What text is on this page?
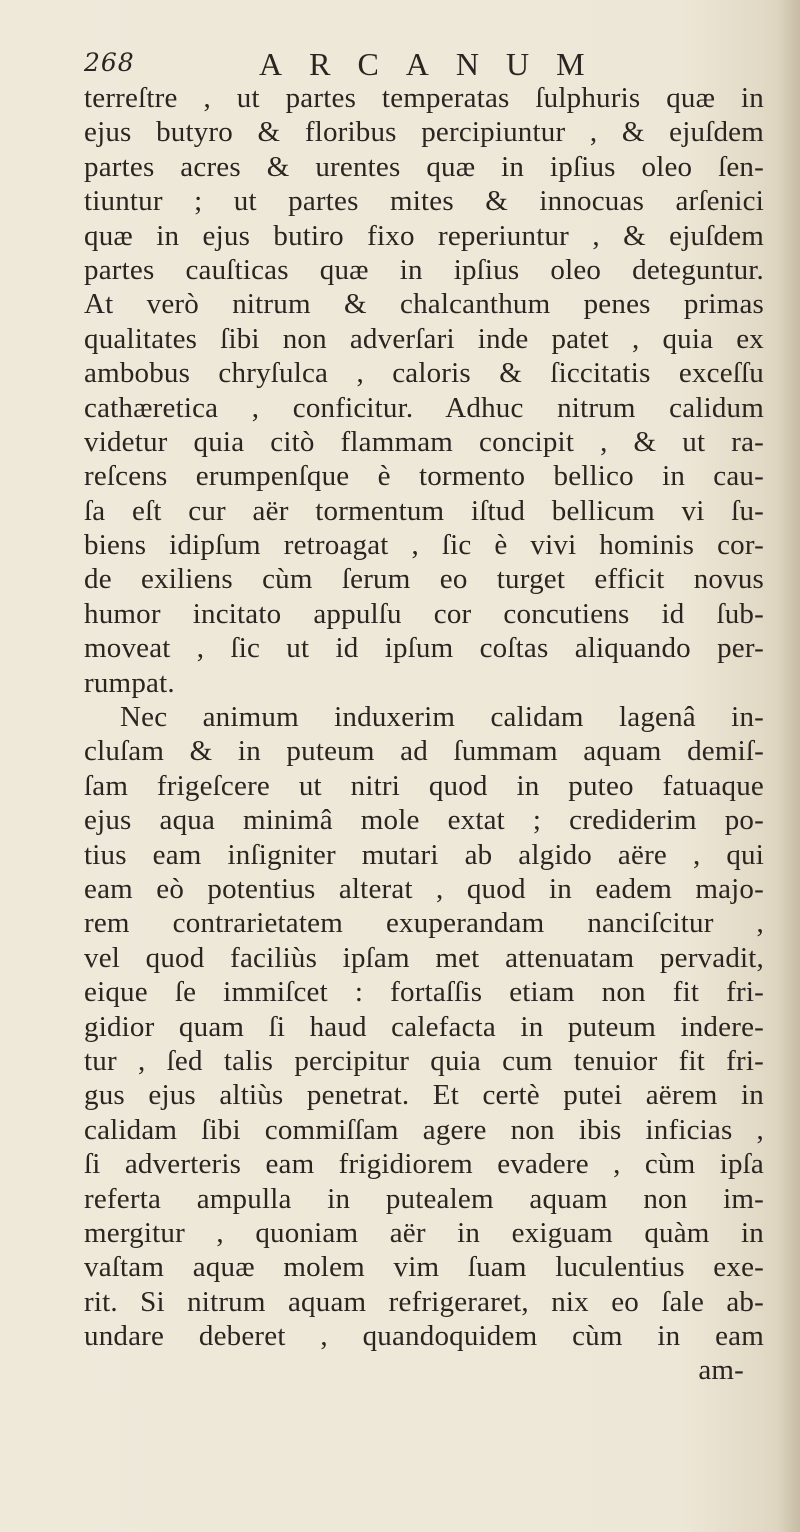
268	ARCANUM
terreſtre , ut partes temperatas ſulphuris quæ in
ejus butyro & floribus percipiuntur , & ejuſdem
partes acres & urentes quæ in ipſius oleo ſen-
tiuntur ; ut partes mites & innocuas arſenici
quæ in ejus butiro fixo reperiuntur , & ejuſdem
partes cauſticas quæ in ipſius oleo deteguntur.
At verò nitrum & chalcanthum penes primas
qualitates ſibi non adverſari inde patet , quia ex
ambobus chryſulca , caloris & ſiccitatis exceſſu
cathæretica , conficitur. Adhuc nitrum calidum
videtur quia citò flammam concipit , & ut ra-
reſcens erumpenſque è tormento bellico in cau-
ſa eſt cur aër tormentum iſtud bellicum vi ſu-
biens idipſum retroagat , ſic è vivi hominis cor-
de exiliens cùm ſerum eo turget efficit novus
humor incitato appulſu cor concutiens id ſub-
moveat , ſic ut id ipſum coſtas aliquando per-
rumpat.
Nec animum induxerim calidam lagenâ in-
cluſam & in puteum ad ſummam aquam demiſ-
ſam frigeſcere ut nitri quod in puteo fatuaque
ejus aqua minimâ mole extat ; crediderim po-
tius eam inſigniter mutari ab algido aëre , qui
eam eò potentius alterat , quod in eadem majo-
rem contrarietatem exuperandam nanciſcitur ,
vel quod faciliùs ipſam met attenuatam pervadit,
eique ſe immiſcet : fortaſſis etiam non fit fri-
gidior quam ſi haud calefacta in puteum indere-
tur , ſed talis percipitur quia cum tenuior fit fri-
gus ejus altiùs penetrat. Et certè putei aërem in
calidam ſibi commiſſam agere non ibis inficias ,
ſi adverteris eam frigidiorem evadere , cùm ipſa
referta ampulla in putealem aquam non im-
mergitur , quoniam aër in exiguam quàm in
vaſtam aquæ molem vim ſuam luculentius exe-
rit. Si nitrum aquam refrigeraret, nix eo ſale ab-
undare deberet , quandoquidem cùm in eam
am-
